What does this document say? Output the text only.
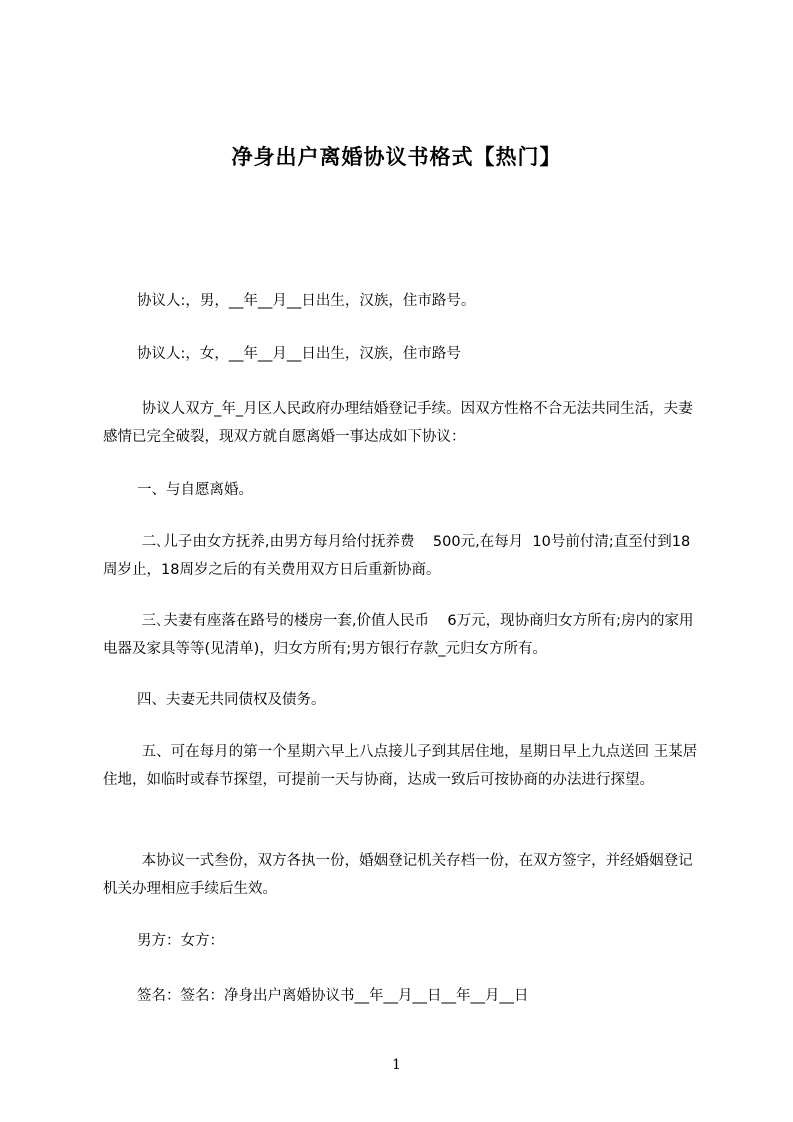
净身出户离婚协议书格式【热门】
协议人:，男，__年__月__日出生，汉族，住市路号。
协议人:，女，__年__月__日出生，汉族，住市路号
协议人双方_年_月区人民政府办理结婚登记手续。因双方性格不合无法共同生活，夫妻感情已完全破裂，现双方就自愿离婚一事达成如下协议：
一、与自愿离婚。
二､儿子由女方抚养,由男方每月给付抚养费    500元,在每月  10号前付清;直至付到18周岁止，18周岁之后的有关费用双方日后重新协商。
三､夫妻有座落在路号的楼房一套,价值人民币    6万元，现协商归女方所有;房内的家用电器及家具等等(见清单)，归女方所有;男方银行存款_元归女方所有。
四、夫妻无共同债权及债务。
五、可在每月的第一个星期六早上八点接儿子到其居住地，星期日早上九点送回 王某居住地，如临时或春节探望，可提前一天与协商，达成一致后可按协商的办法进行探望。
本协议一式叁份，双方各执一份，婚姻登记机关存档一份，在双方签字，并经婚姻登记机关办理相应手续后生效。
男方：女方：
签名：签名：净身出户离婚协议书__年__月__日__年__月__日
1
